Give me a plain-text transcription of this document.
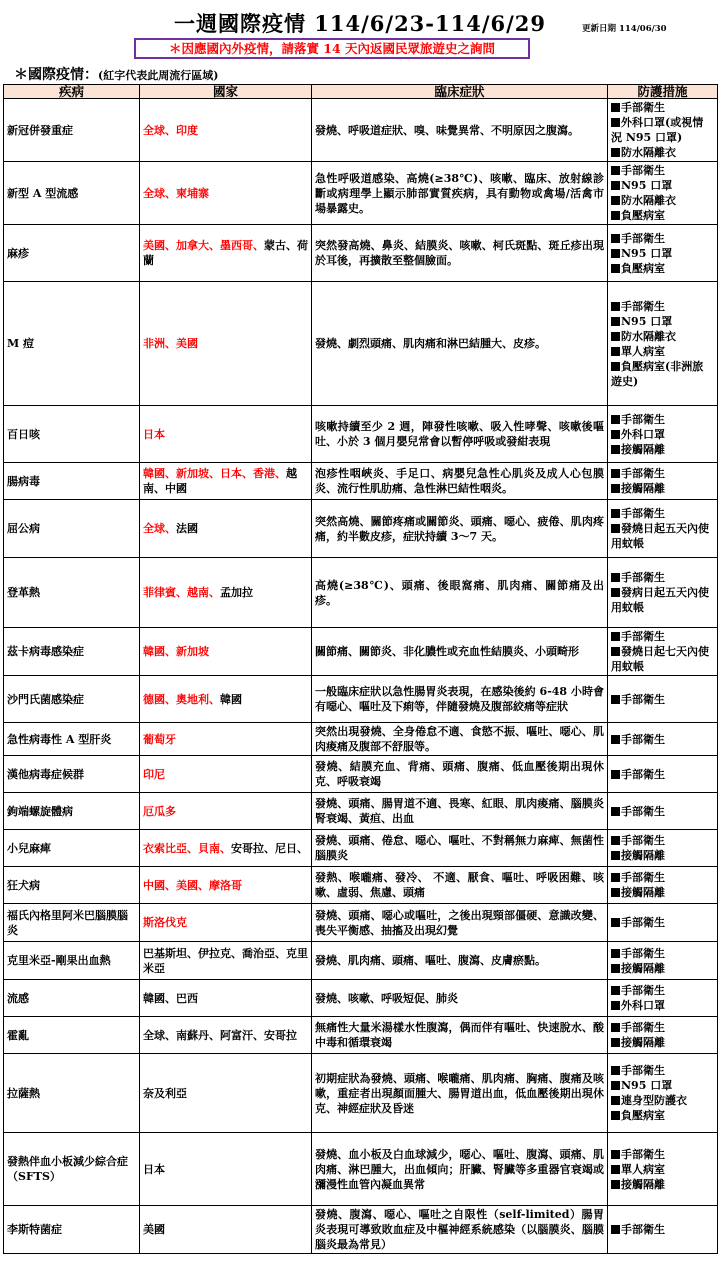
一週國際疫情 114/6/23-114/6/29	更新日期 114/06/30
＊因應國內外疫情，請落實 14 天內返國民眾旅遊史之詢問
＊國際疫情：(紅字代表此周流行區域)
疾病	國家	臨床症狀	防護措施
新冠併發重症	全球、印度	發燒、呼吸道症狀、嗅、味覺異常、不明原因之腹瀉。	手部衛生
外科口罩(或視情況 N95 口罩)
防水隔離衣

新型 A 型流感	全球、柬埔寨	急性呼吸道感染、高燒(≥38℃)、咳嗽、臨床、放射線診斷或病理學上顯示肺部實質疾病，具有動物或禽場/活禽市場暴露史。	手部衛生
N95 口罩
防水隔離衣
負壓病室

麻疹	美國、加拿大、墨西哥、蒙古、荷蘭	突然發高燒、鼻炎、結膜炎、咳嗽、柯氏斑點、斑丘疹出現於耳後，再擴散至整個臉面。	手部衛生
N95 口罩
負壓病室

M 痘	非洲、美國	發燒、劇烈頭痛、肌肉痛和淋巴結腫大、皮疹。	手部衛生
N95 口罩
防水隔離衣
單人病室
負壓病室(非洲旅遊史)

百日咳	日本	咳嗽持續至少 2 週，陣發性咳嗽、吸入性哮聲、咳嗽後嘔吐、小於 3 個月嬰兒常會以暫停呼吸或發紺表現	手部衛生
外科口罩
接觸隔離

腸病毒	韓國、新加坡、日本、香港、越南、中國	泡疹性咽峽炎、手足口、病嬰兒急性心肌炎及成人心包膜炎、流行性肌肋痛、急性淋巴結性咽炎。	手部衛生
接觸隔離

屈公病	全球、法國	突然高燒、關節疼痛或關節炎、頭痛、噁心、疲倦、肌肉疼痛，約半數皮疹，症狀持續 3～7 天。	手部衛生
發燒日起五天內使用蚊帳

登革熱	菲律賓、越南、孟加拉	高燒(≥38℃)、頭痛、後眼窩痛、肌肉痛、關節痛及出疹。	手部衛生
發病日起五天內使用蚊帳

茲卡病毒感染症	韓國、新加坡	關節痛、關節炎、非化膿性或充血性結膜炎、小頭畸形	手部衛生
發燒日起七天內使用蚊帳

沙門氏菌感染症	德國、奧地利、韓國	一般臨床症狀以急性腸胃炎表現，在感染後約 6-48 小時會有噁心、嘔吐及下痢等，伴隨發燒及腹部絞痛等症狀	手部衛生

急性病毒性 A 型肝炎	葡萄牙	突然出現發燒、全身倦怠不適、食慾不振、嘔吐、噁心、肌肉痠痛及腹部不舒服等。	手部衛生

漢他病毒症候群	印尼	發燒、結膜充血、背痛、頭痛、腹痛、低血壓後期出現休克、呼吸衰竭	手部衛生

鉤端螺旋體病	厄瓜多	發燒、頭痛、腸胃道不適、畏寒、紅眼、肌肉痠痛、腦膜炎腎衰竭、黃疸、出血	手部衛生

小兒麻痺	衣索比亞、貝南、安哥拉、尼日、	發燒、頭痛、倦怠、噁心、嘔吐、不對稱無力麻痺、無菌性腦膜炎	手部衛生
接觸隔離

狂犬病	中國、美國、摩洛哥	發熱、喉嚨痛、發冷、 不適、厭食、嘔吐、呼吸困難、咳嗽、虛弱、焦慮、頭痛	手部衛生
接觸隔離

福氏內格里阿米巴腦膜腦炎	斯洛伐克	發燒、頭痛、噁心或嘔吐，之後出現頸部僵硬、意識改變、喪失平衡感、抽搐及出現幻覺	手部衛生

克里米亞-剛果出血熱	巴基斯坦、伊拉克、喬治亞、克里米亞	發燒、肌肉痛、頭痛、嘔吐、腹瀉、皮膚瘀點。	手部衛生
接觸隔離

流感	韓國、巴西	發燒、咳嗽、呼吸短促、肺炎	手部衛生
外科口罩

霍亂	全球、南蘇丹、阿富汗、安哥拉	無痛性大量米湯樣水性腹瀉，偶而伴有嘔吐、快速脫水、酸中毒和循環衰竭	手部衛生
接觸隔離

拉薩熱	奈及利亞	初期症狀為發燒、頭痛、喉嚨痛、肌肉痛、胸痛、腹痛及咳嗽，重症者出現顏面腫大、腸胃道出血，低血壓後期出現休克、神經症狀及昏迷	手部衛生
N95 口罩
連身型防護衣
負壓病室

發熱伴血小板減少綜合症（SFTS）	日本	發燒、血小板及白血球減少，噁心、嘔吐、腹瀉、頭痛、肌肉痛、淋巴腫大，出血傾向；肝臟、腎臟等多重器官衰竭或瀰漫性血管內凝血異常	手部衛生
單人病室
接觸隔離

李斯特菌症	美國	發燒、腹瀉、噁心、嘔吐之自限性（self-limited）腸胃炎表現可導致敗血症及中樞神經系統感染（以腦膜炎、腦膜腦炎最為常見）	手部衛生
